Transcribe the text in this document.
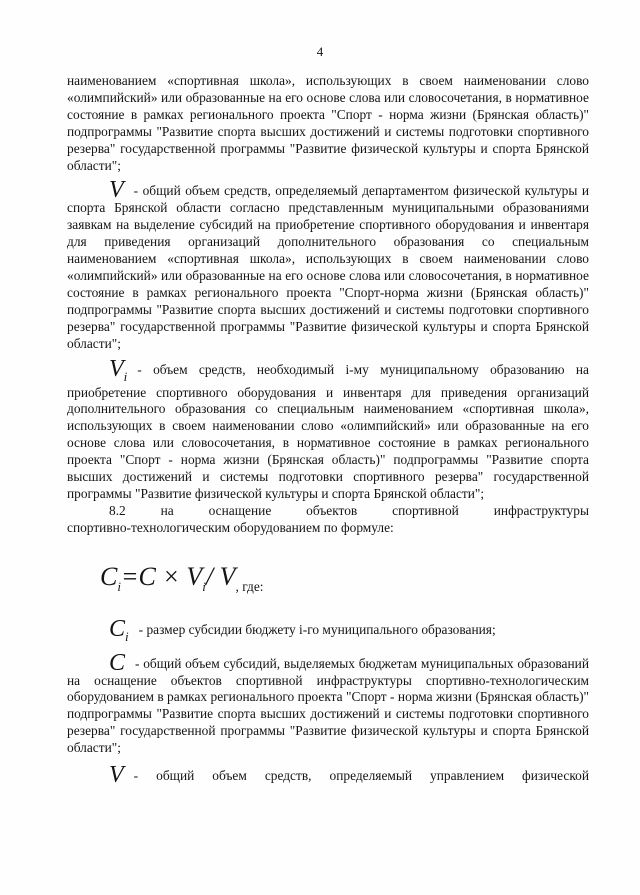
4

наименованием «спортивная школа», использующих в своем наименовании слово «олимпийский» или образованные на его основе слова или словосочетания, в нормативное состояние в рамках регионального проекта "Спорт - норма жизни (Брянская область)" подпрограммы "Развитие спорта высших достижений и системы подготовки спортивного резерва" государственной программы "Развитие физической культуры и спорта Брянской области";

V - общий объем средств, определяемый департаментом физической культуры и спорта Брянской области согласно представленным муниципальными образованиями заявкам на выделение субсидий на приобретение спортивного оборудования и инвентаря для приведения организаций дополнительного образования со специальным наименованием «спортивная школа», использующих в своем наименовании слово «олимпийский» или образованные на его основе слова или словосочетания, в нормативное состояние в рамках регионального проекта "Спорт-норма жизни (Брянская область)" подпрограммы "Развитие спорта высших достижений и системы подготовки спортивного резерва" государственной программы "Развитие физической культуры и спорта Брянской области";

$V_i$ - объем средств, необходимый i-му муниципальному образованию на приобретение спортивного оборудования и инвентаря для приведения организаций дополнительного образования со специальным наименованием «спортивная школа», использующих в своем наименовании слово «олимпийский» или образованные на его основе слова или словосочетания, в нормативное состояние в рамках регионального проекта "Спорт - норма жизни (Брянская область)" подпрограммы "Развитие спорта высших достижений и системы подготовки спортивного резерва" государственной программы "Развитие физической культуры и спорта Брянской области";

8.2	на	оснащение	объектов	спортивной	инфраструктуры

спортивно-технологическим оборудованием по формуле:

$C_i=C \times V_i/$ $V_{, где:}$

$C_i$ - размер субсидии бюджету i-го муниципального образования;

C - общий объем субсидий, выделяемых бюджетам муниципальных образований на оснащение объектов спортивной инфраструктуры спортивно-технологическим оборудованием в рамках регионального проекта "Спорт - норма жизни (Брянская область)" подпрограммы "Развитие спорта высших достижений и системы подготовки спортивного резерва" государственной программы "Развитие физической культуры и спорта Брянской области";

V - общий объем средств, определяемый управлением физической
